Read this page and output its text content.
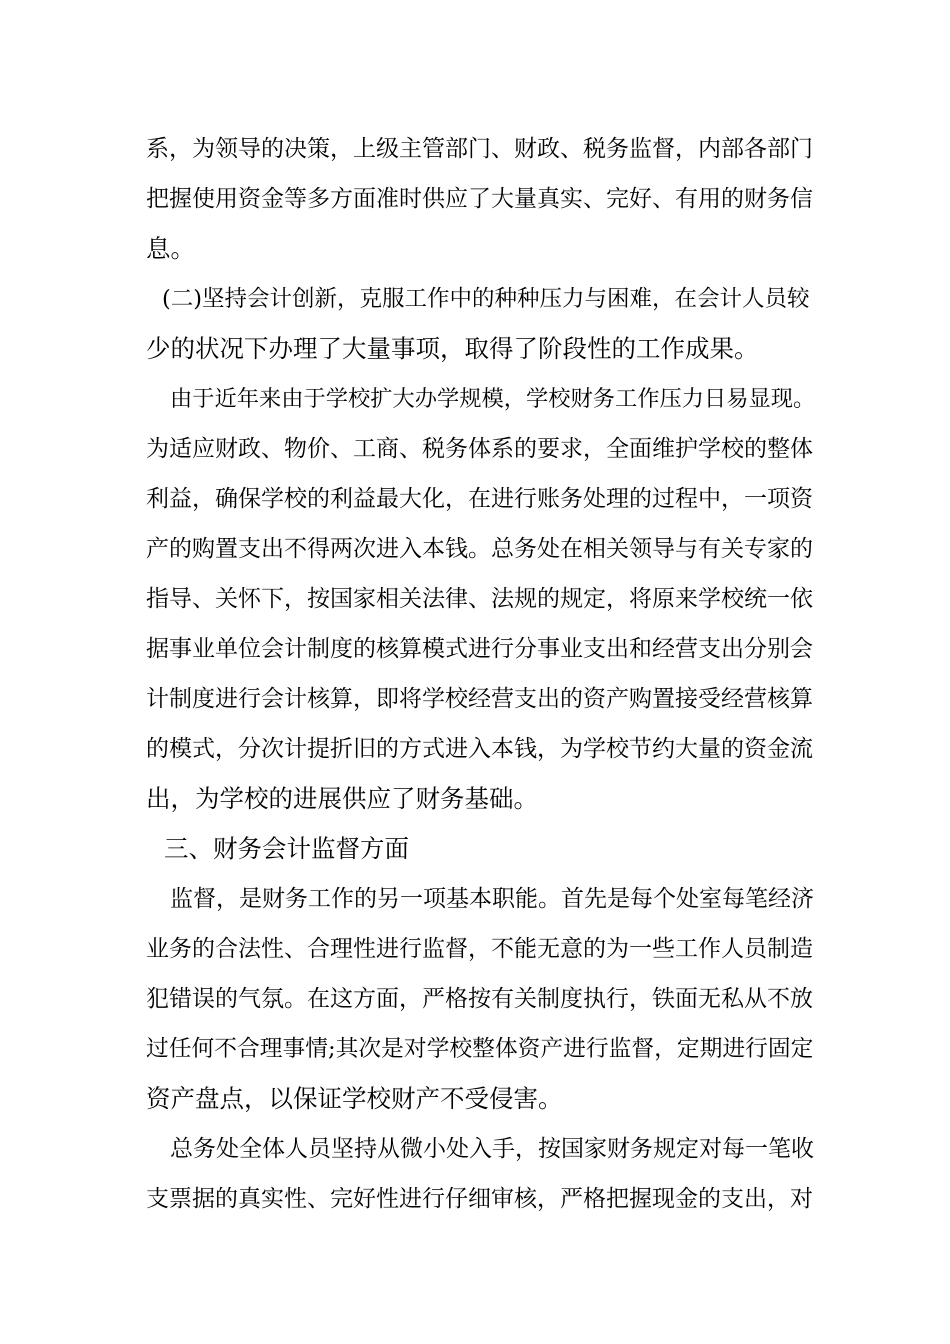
系，为领导的决策，上级主管部门、财政、税务监督，内部各部门
把握使用资金等多方面准时供应了大量真实、完好、有用的财务信
息。
(二)坚持会计创新，克服工作中的种种压力与困难，在会计人员较
少的状况下办理了大量事项，取得了阶段性的工作成果。
由于近年来由于学校扩大办学规模，学校财务工作压力日易显现。
为适应财政、物价、工商、税务体系的要求，全面维护学校的整体
利益，确保学校的利益最大化，在进行账务处理的过程中，一项资
产的购置支出不得两次进入本钱。总务处在相关领导与有关专家的
指导、关怀下，按国家相关法律、法规的规定，将原来学校统一依
据事业单位会计制度的核算模式进行分事业支出和经营支出分别会
计制度进行会计核算，即将学校经营支出的资产购置接受经营核算
的模式，分次计提折旧的方式进入本钱，为学校节约大量的资金流
出，为学校的进展供应了财务基础。
三、财务会计监督方面
监督，是财务工作的另一项基本职能。首先是每个处室每笔经济
业务的合法性、合理性进行监督，不能无意的为一些工作人员制造
犯错误的气氛。在这方面，严格按有关制度执行，铁面无私从不放
过任何不合理事情;其次是对学校整体资产进行监督，定期进行固定
资产盘点，以保证学校财产不受侵害。
总务处全体人员坚持从微小处入手，按国家财务规定对每一笔收
支票据的真实性、完好性进行仔细审核，严格把握现金的支出，对
